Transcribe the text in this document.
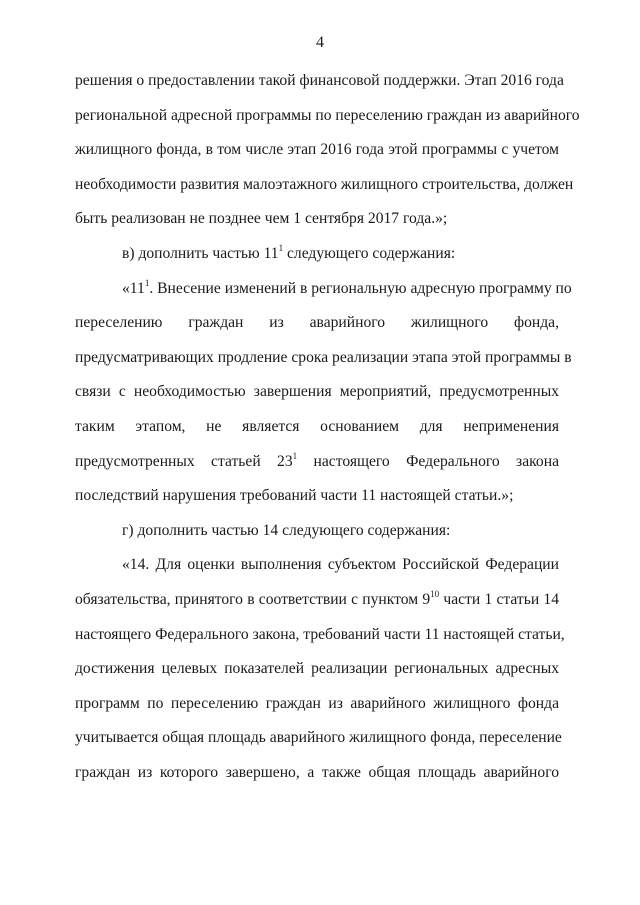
4
решения о предоставлении такой финансовой поддержки. Этап 2016 года
региональной адресной программы по переселению граждан из аварийного
жилищного фонда, в том числе этап 2016 года этой программы с учетом
необходимости развития малоэтажного жилищного строительства, должен
быть реализован не позднее чем 1 сентября 2017 года.»;
в) дополнить частью $11^1$ следующего содержания:
«$11^1$. Внесение изменений в региональную адресную программу по
переселению граждан из аварийного жилищного фонда,
предусматривающих продление срока реализации этапа этой программы в
связи с необходимостью завершения мероприятий, предусмотренных
таким этапом, не является основанием для неприменения
предусмотренных статьей $23^1$ настоящего Федерального закона
последствий нарушения требований части 11 настоящей статьи.»;
г) дополнить частью 14 следующего содержания:
«14. Для оценки выполнения субъектом Российской Федерации
обязательства, принятого в соответствии с пунктом $9^{10}$ части 1 статьи 14
настоящего Федерального закона, требований части 11 настоящей статьи,
достижения целевых показателей реализации региональных адресных
программ по переселению граждан из аварийного жилищного фонда
учитывается общая площадь аварийного жилищного фонда, переселение
граждан из которого завершено, а также общая площадь аварийного
